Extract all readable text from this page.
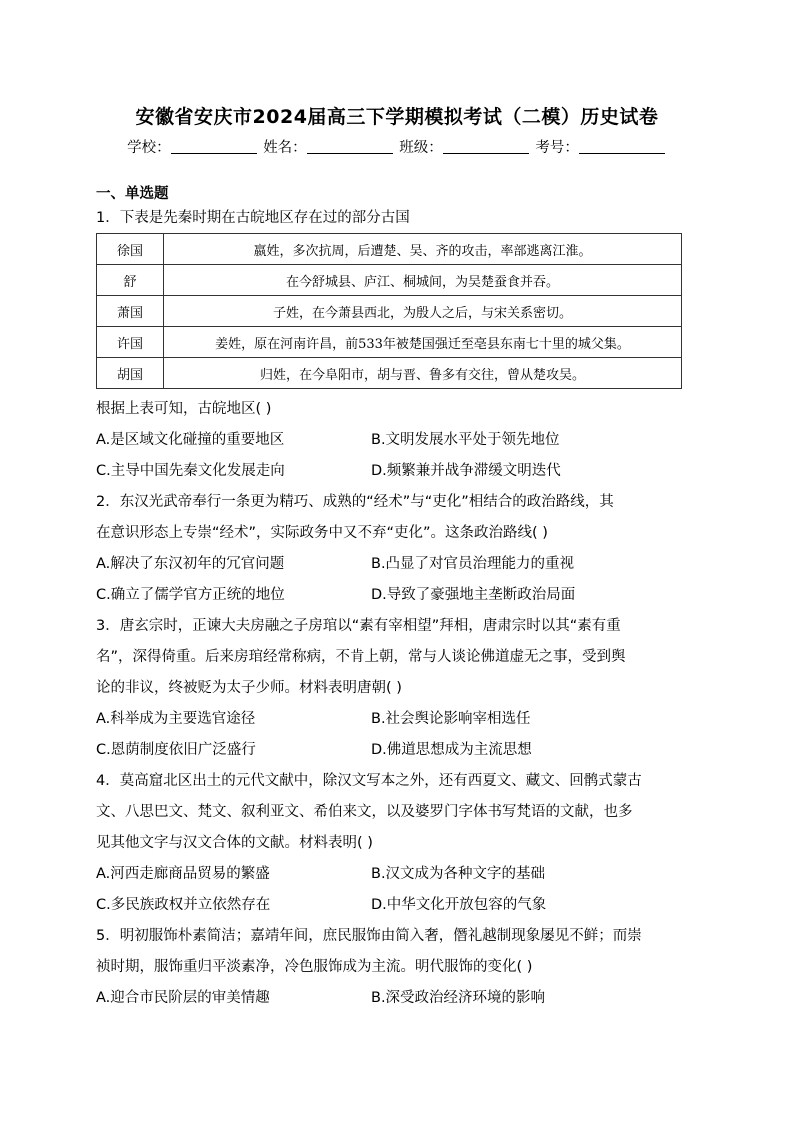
安徽省安庆市2024届高三下学期模拟考试（二模）历史试卷
学校：	姓名：	班级：	考号：
一、单选题
1．下表是先秦时期在古皖地区存在过的部分古国
徐国	嬴姓，多次抗周，后遭楚、吴、齐的攻击，率部逃离江淮。
舒	在今舒城县、庐江、桐城间，为吴楚蚕食并吞。
萧国	子姓，在今萧县西北，为殷人之后，与宋关系密切。
许国	姜姓，原在河南许昌，前533年被楚国强迁至亳县东南七十里的城父集。
胡国	归姓，在今阜阳市，胡与晋、鲁多有交往，曾从楚攻吴。
根据上表可知，古皖地区( )
A.是区域文化碰撞的重要地区	B.文明发展水平处于领先地位
C.主导中国先秦文化发展走向	D.频繁兼并战争滞缓文明迭代
2．东汉光武帝奉行一条更为精巧、成熟的“经术”与“吏化”相结合的政治路线，其
在意识形态上专崇“经术”，实际政务中又不弃“吏化”。这条政治路线( )
A.解决了东汉初年的冗官问题	B.凸显了对官员治理能力的重视
C.确立了儒学官方正统的地位	D.导致了豪强地主垄断政治局面
3．唐玄宗时，正谏大夫房融之子房琯以“素有宰相望”拜相，唐肃宗时以其“素有重
名”，深得倚重。后来房琯经常称病，不肯上朝，常与人谈论佛道虚无之事，受到舆
论的非议，终被贬为太子少师。材料表明唐朝( )
A.科举成为主要选官途径	B.社会舆论影响宰相选任
C.恩荫制度依旧广泛盛行	D.佛道思想成为主流思想
4．莫高窟北区出土的元代文献中，除汉文写本之外，还有西夏文、藏文、回鹘式蒙古
文、八思巴文、梵文、叙利亚文、希伯来文，以及婆罗门字体书写梵语的文献，也多
见其他文字与汉文合体的文献。材料表明( )
A.河西走廊商品贸易的繁盛	B.汉文成为各种文字的基础
C.多民族政权并立依然存在	D.中华文化开放包容的气象
5．明初服饰朴素简洁；嘉靖年间，庶民服饰由简入奢，僭礼越制现象屡见不鲜；而崇
祯时期，服饰重归平淡素净，冷色服饰成为主流。明代服饰的变化( )
A.迎合市民阶层的审美情趣	B.深受政治经济环境的影响
